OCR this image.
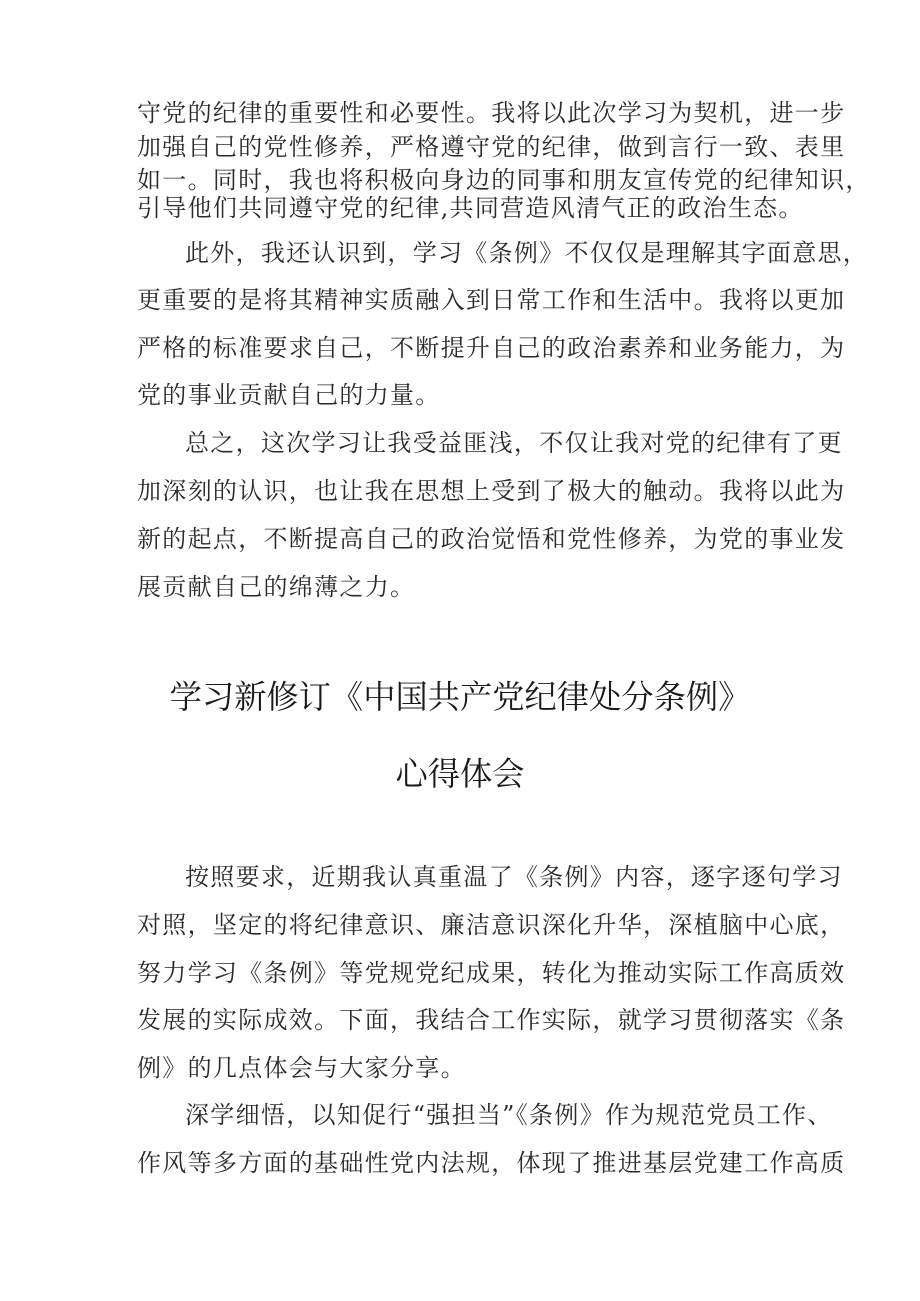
守党的纪律的重要性和必要性。我将以此次学习为契机，进一步

加强自己的党性修养，严格遵守党的纪律，做到言行一致、表里

如一。同时，我也将积极向身边的同事和朋友宣传党的纪律知识，

引导他们共同遵守党的纪律,共同营造风清气正的政治生态。

此外，我还认识到，学习《条例》不仅仅是理解其字面意思，

更重要的是将其精神实质融入到日常工作和生活中。我将以更加

严格的标准要求自己，不断提升自己的政治素养和业务能力，为

党的事业贡献自己的力量。

总之，这次学习让我受益匪浅，不仅让我对党的纪律有了更

加深刻的认识，也让我在思想上受到了极大的触动。我将以此为

新的起点，不断提高自己的政治觉悟和党性修养，为党的事业发

展贡献自己的绵薄之力。

学习新修订《中国共产党纪律处分条例》
心得体会

按照要求，近期我认真重温了《条例》内容，逐字逐句学习

对照，坚定的将纪律意识、廉洁意识深化升华，深植脑中心底，

努力学习《条例》等党规党纪成果，转化为推动实际工作高质效

发展的实际成效。下面，我结合工作实际，就学习贯彻落实《条

例》的几点体会与大家分享。

深学细悟，以知促行“强担当”《条例》作为规范党员工作、

作风等多方面的基础性党内法规，体现了推进基层党建工作高质
